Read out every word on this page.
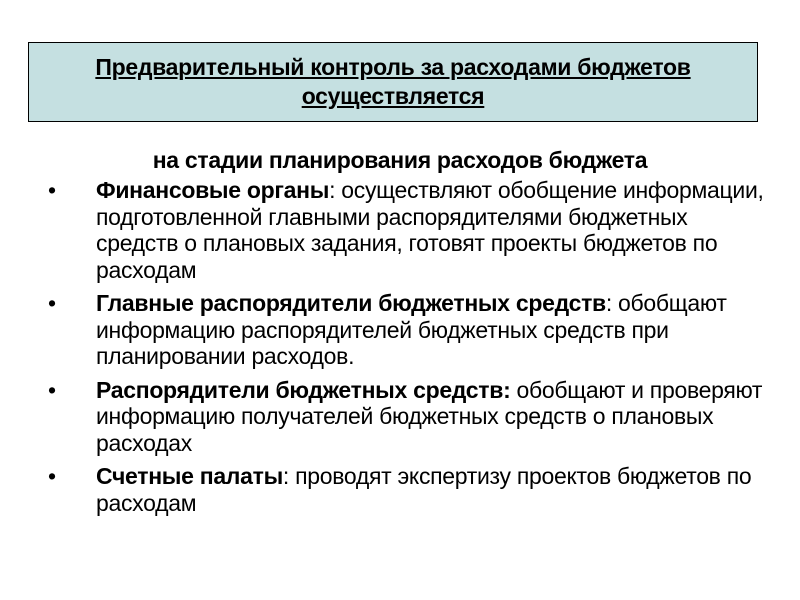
Предварительный контроль за расходами бюджетов осуществляется
на стадии планирования расходов бюджета
• Финансовые органы: осуществляют обобщение информации, подготовленной главными распорядителями бюджетных средств о плановых задания, готовят проекты бюджетов по расходам
• Главные распорядители бюджетных средств: обобщают информацию распорядителей бюджетных средств при планировании расходов.
• Распорядители бюджетных средств: обобщают и проверяют информацию получателей бюджетных средств о плановых расходах
• Счетные палаты: проводят экспертизу проектов бюджетов по расходам
